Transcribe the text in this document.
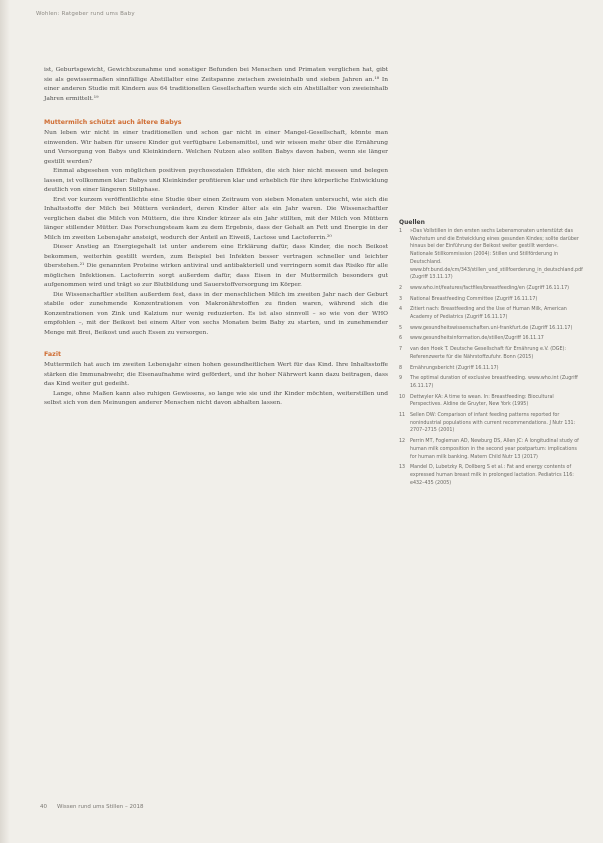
Wohlen: Ratgeber rund ums Baby

ist, Geburtsgewicht, Gewichtszunahme und sonstiger Befunden bei Menschen und Primaten verglichen hat, gibt sie als gewissermaßen sinnfällige Abstillalter eine Zeitspanne zwischen zweieinhalb und sieben Jahren an.¹⁸ In einer anderen Studie mit Kindern aus 64 traditionellen Gesellschaften wurde sich ein Abstillalter von zweieinhalb Jahren ermittelt.¹⁹

Muttermilch schützt auch ältere Babys

Nun leben wir nicht in einer traditionellen und schon gar nicht in einer Mangel-Gesellschaft, könnte man einwenden. Wir haben für unsere Kinder gut verfügbare Lebensmittel, und wir wissen mehr über die Ernährung und Versorgung von Babys und Kleinkindern. Welchen Nutzen also sollten Babys davon haben, wenn sie länger gestillt werden?

Einmal abgesehen von möglichen positiven psychosozialen Effekten, die sich hier nicht messen und belegen lassen, ist vollkommen klar: Babys und Kleinkinder profitieren klar und erheblich für ihre körperliche Entwicklung deutlich von einer längeren Stillphase.

Erst vor kurzem veröffentlichte eine Studie über einen Zeitraum von sieben Monaten untersucht, wie sich die Inhaltsstoffe der Milch bei Müttern verändert, deren Kinder älter als ein Jahr waren. Die Wissenschaftler verglichen dabei die Milch von Müttern, die ihre Kinder kürzer als ein Jahr stillten, mit der Milch von Müttern länger stillender Mütter. Das Forschungsteam kam zu dem Ergebnis, dass der Gehalt an Fett und Energie in der Milch im zweiten Lebensjahr ansteigt, wodurch der Anteil an Eiweiß, Lactose und Lactoferrin.²⁰

Dieser Anstieg an Energiegehalt ist unter anderem eine Erklärung dafür, dass Kinder, die noch Beikost bekommen, weiterhin gestillt werden, zum Beispiel bei Infekten besser vertragen schneller und leichter überstehen.²¹ Die genannten Proteine wirken antiviral und antibakteriell und verringern somit das Risiko für alle möglichen Infektionen. Lactoferrin sorgt außerdem dafür, dass Eisen in der Muttermilch besonders gut aufgenommen wird und trägt so zur Blutbildung und Sauerstoffversorgung im Körper.

Die Wissenschaftler stellten außerdem fest, dass in der menschlichen Milch im zweiten Jahr nach der Geburt stabile oder zunehmende Konzentrationen von Makronährstoffen zu finden waren, während sich die Konzentrationen von Zink und Kalzium nur wenig reduzierten. Es ist also sinnvoll – so wie von der WHO empfohlen –, mit der Beikost bei einem Alter von sechs Monaten beim Baby zu starten, und in zunehmender Menge mit Brei, Beikost und auch Essen zu versorgen.

Fazit

Muttermilch hat auch im zweiten Lebensjahr einen hohen gesundheitlichen Wert für das Kind. Ihre Inhaltsstoffe stärken die Immunabwehr, die Eisenaufnahme wird gefördert, und ihr hoher Nährwert kann dazu beitragen, dass das Kind weiter gut gedeiht.

Lange, ohne Maßen kann also ruhigen Gewissens, so lange wie sie und ihr Kinder möchten, weiterstillen und selbst sich von den Meinungen anderer Menschen nicht davon abhalten lassen.

Quellen
1	»Das Vollstillen in den ersten sechs Lebensmonaten unterstützt das Wachstum und die Entwicklung eines gesunden Kindes; sollte darüber hinaus bei der Einführung der Beikost weiter gestillt werden«. Nationale Stillkommission (2004): Stillen und Stillförderung in Deutschland. www.bfr.bund.de/cm/343/stillen_und_stillfoerderung_in_deutschland.pdf (Zugriff 13.11.17)
2	www.who.int/features/factfiles/breastfeeding/en (Zugriff 16.11.17)
3	National Breastfeeding Committee (Zugriff 16.11.17)
4	Zitiert nach: Breastfeeding and the Use of Human Milk, American Academy of Pediatrics (Zugriff 16.11.17)
5	www.gesundheitswissenschaften.uni-frankfurt.de (Zugriff 16.11.17)
6	www.gesundheitsinformation.de/stillen/Zugriff 16.11.17
7	van den Hoek T. Deutsche Gesellschaft für Ernährung e.V. (DGE): Referenzwerte für die Nährstoffzufuhr. Bonn (2015)
8	Ernährungsbericht (Zugriff 16.11.17)
9	The optimal duration of exclusive breastfeeding. www.who.int (Zugriff 16.11.17)
10	Dettwyler KA: A time to wean. In: Breastfeeding: Biocultural Perspectives. Aldine de Gruyter, New York (1995)
11	Sellen DW: Comparison of infant feeding patterns reported for nonindustrial populations with current recommendations. J Nutr 131: 2707–2715 (2001)
12	Perrin MT, Fogleman AD, Newburg DS, Allen JC: A longitudinal study of human milk composition in the second year postpartum: implications for human milk banking. Matern Child Nutr 13 (2017)
13	Mandel D, Lubetzky R, Dollberg S et al.: Fat and energy contents of expressed human breast milk in prolonged lactation. Pediatrics 116: e432–435 (2005)
40 Wissen rund ums Stillen – 2018
